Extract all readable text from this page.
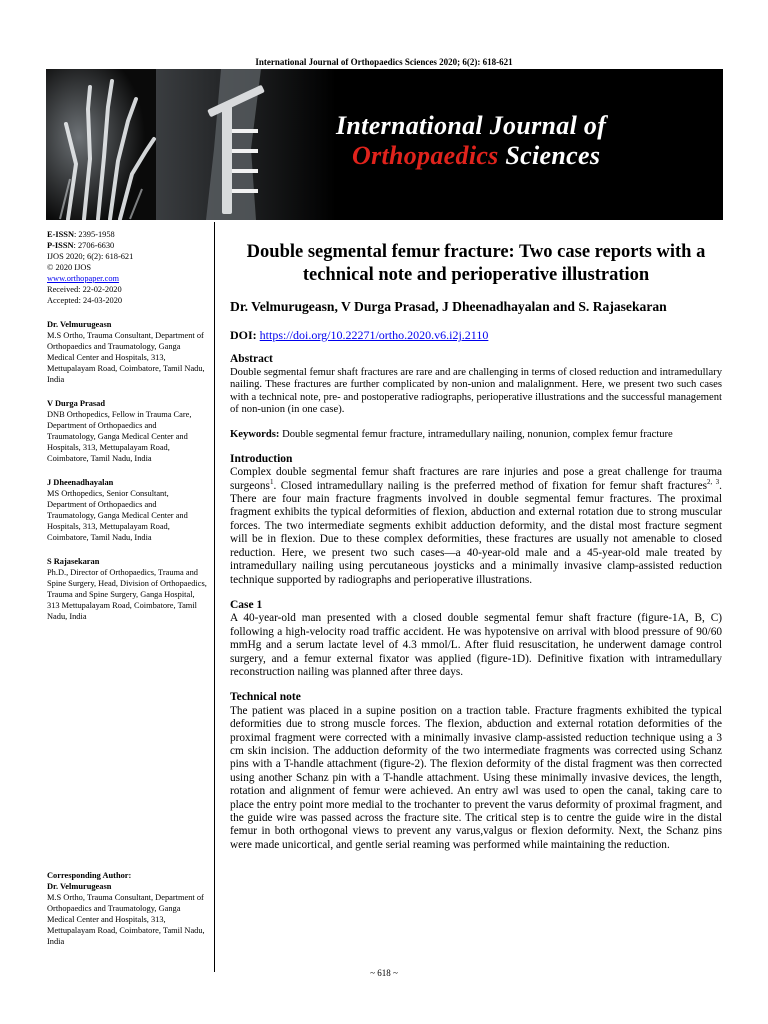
International Journal of Orthopaedics Sciences 2020; 6(2): 618-621
International Journal of
Orthopaedics Sciences
E-ISSN: 2395-1958
P-ISSN: 2706-6630
IJOS 2020; 6(2): 618-621
© 2020 IJOS
www.orthopaper.com
Received: 22-02-2020
Accepted: 24-03-2020
Dr. Velmurugeasn
M.S Ortho, Trauma Consultant, Department of Orthopaedics and Traumatology, Ganga Medical Center and Hospitals, 313, Mettupalayam Road, Coimbatore, Tamil Nadu, India
V Durga Prasad
DNB Orthopedics, Fellow in Trauma Care, Department of Orthopaedics and Traumatology, Ganga Medical Center and Hospitals, 313, Mettupalayam Road, Coimbatore, Tamil Nadu, India
J Dheenadhayalan
MS Orthopedics, Senior Consultant, Department of Orthopaedics and Traumatology, Ganga Medical Center and Hospitals, 313, Mettupalayam Road, Coimbatore, Tamil Nadu, India
S Rajasekaran
Ph.D., Director of Orthopaedics, Trauma and Spine Surgery, Head, Division of Orthopaedics, Trauma and Spine Surgery, Ganga Hospital, 313 Mettupalayam Road, Coimbatore, Tamil Nadu, India
Corresponding Author:
Dr. Velmurugeasn
M.S Ortho, Trauma Consultant, Department of Orthopaedics and Traumatology, Ganga Medical Center and Hospitals, 313, Mettupalayam Road, Coimbatore, Tamil Nadu, India
Double segmental femur fracture: Two case reports with a technical note and perioperative illustration
Dr. Velmurugeasn, V Durga Prasad, J Dheenadhayalan and S. Rajasekaran
DOI: https://doi.org/10.22271/ortho.2020.v6.i2j.2110
Abstract

Double segmental femur shaft fractures are rare and are challenging in terms of closed reduction and intramedullary nailing. These fractures are further complicated by non-union and malalignment. Here, we present two such cases with a technical note, pre- and postoperative radiographs, perioperative illustrations and the successful management of non-union (in one case).

Keywords: Double segmental femur fracture, intramedullary nailing, nonunion, complex femur fracture
Introduction

Complex double segmental femur shaft fractures are rare injuries and pose a great challenge for trauma surgeons$^1$. Closed intramedullary nailing is the preferred method of fixation for femur shaft fractures$^{2, 3}$. There are four main fracture fragments involved in double segmental femur fractures. The proximal fragment exhibits the typical deformities of flexion, abduction and external rotation due to strong muscular forces. The two intermediate segments exhibit adduction deformity, and the distal most fracture segment will be in flexion. Due to these complex deformities, these fractures are usually not amenable to closed reduction. Here, we present two such cases—a 40-year-old male and a 45-year-old male treated by intramedullary nailing using percutaneous joysticks and a minimally invasive clamp-assisted reduction technique supported by radiographs and perioperative illustrations.

Case 1

A 40-year-old man presented with a closed double segmental femur shaft fracture (figure-1A, B, C) following a high-velocity road traffic accident. He was hypotensive on arrival with blood pressure of 90/60 mmHg and a serum lactate level of 4.3 mmol/L. After fluid resuscitation, he underwent damage control surgery, and a femur external fixator was applied (figure-1D). Definitive fixation with intramedullary reconstruction nailing was planned after three days.

Technical note

The patient was placed in a supine position on a traction table. Fracture fragments exhibited the typical deformities due to strong muscle forces. The flexion, abduction and external rotation deformities of the proximal fragment were corrected with a minimally invasive clamp-assisted reduction technique using a 3 cm skin incision. The adduction deformity of the two intermediate fragments was corrected using Schanz pins with a T-handle attachment (figure-2). The flexion deformity of the distal fragment was then corrected using another Schanz pin with a T-handle attachment. Using these minimally invasive devices, the length, rotation and alignment of femur were achieved. An entry awl was used to open the canal, taking care to place the entry point more medial to the trochanter to prevent the varus deformity of proximal fragment, and the guide wire was passed across the fracture site. The critical step is to centre the guide wire in the distal femur in both orthogonal views to prevent any varus,valgus or flexion deformity. Next, the Schanz pins were made unicortical, and gentle serial reaming was performed while maintaining the reduction.

~ 618 ~
